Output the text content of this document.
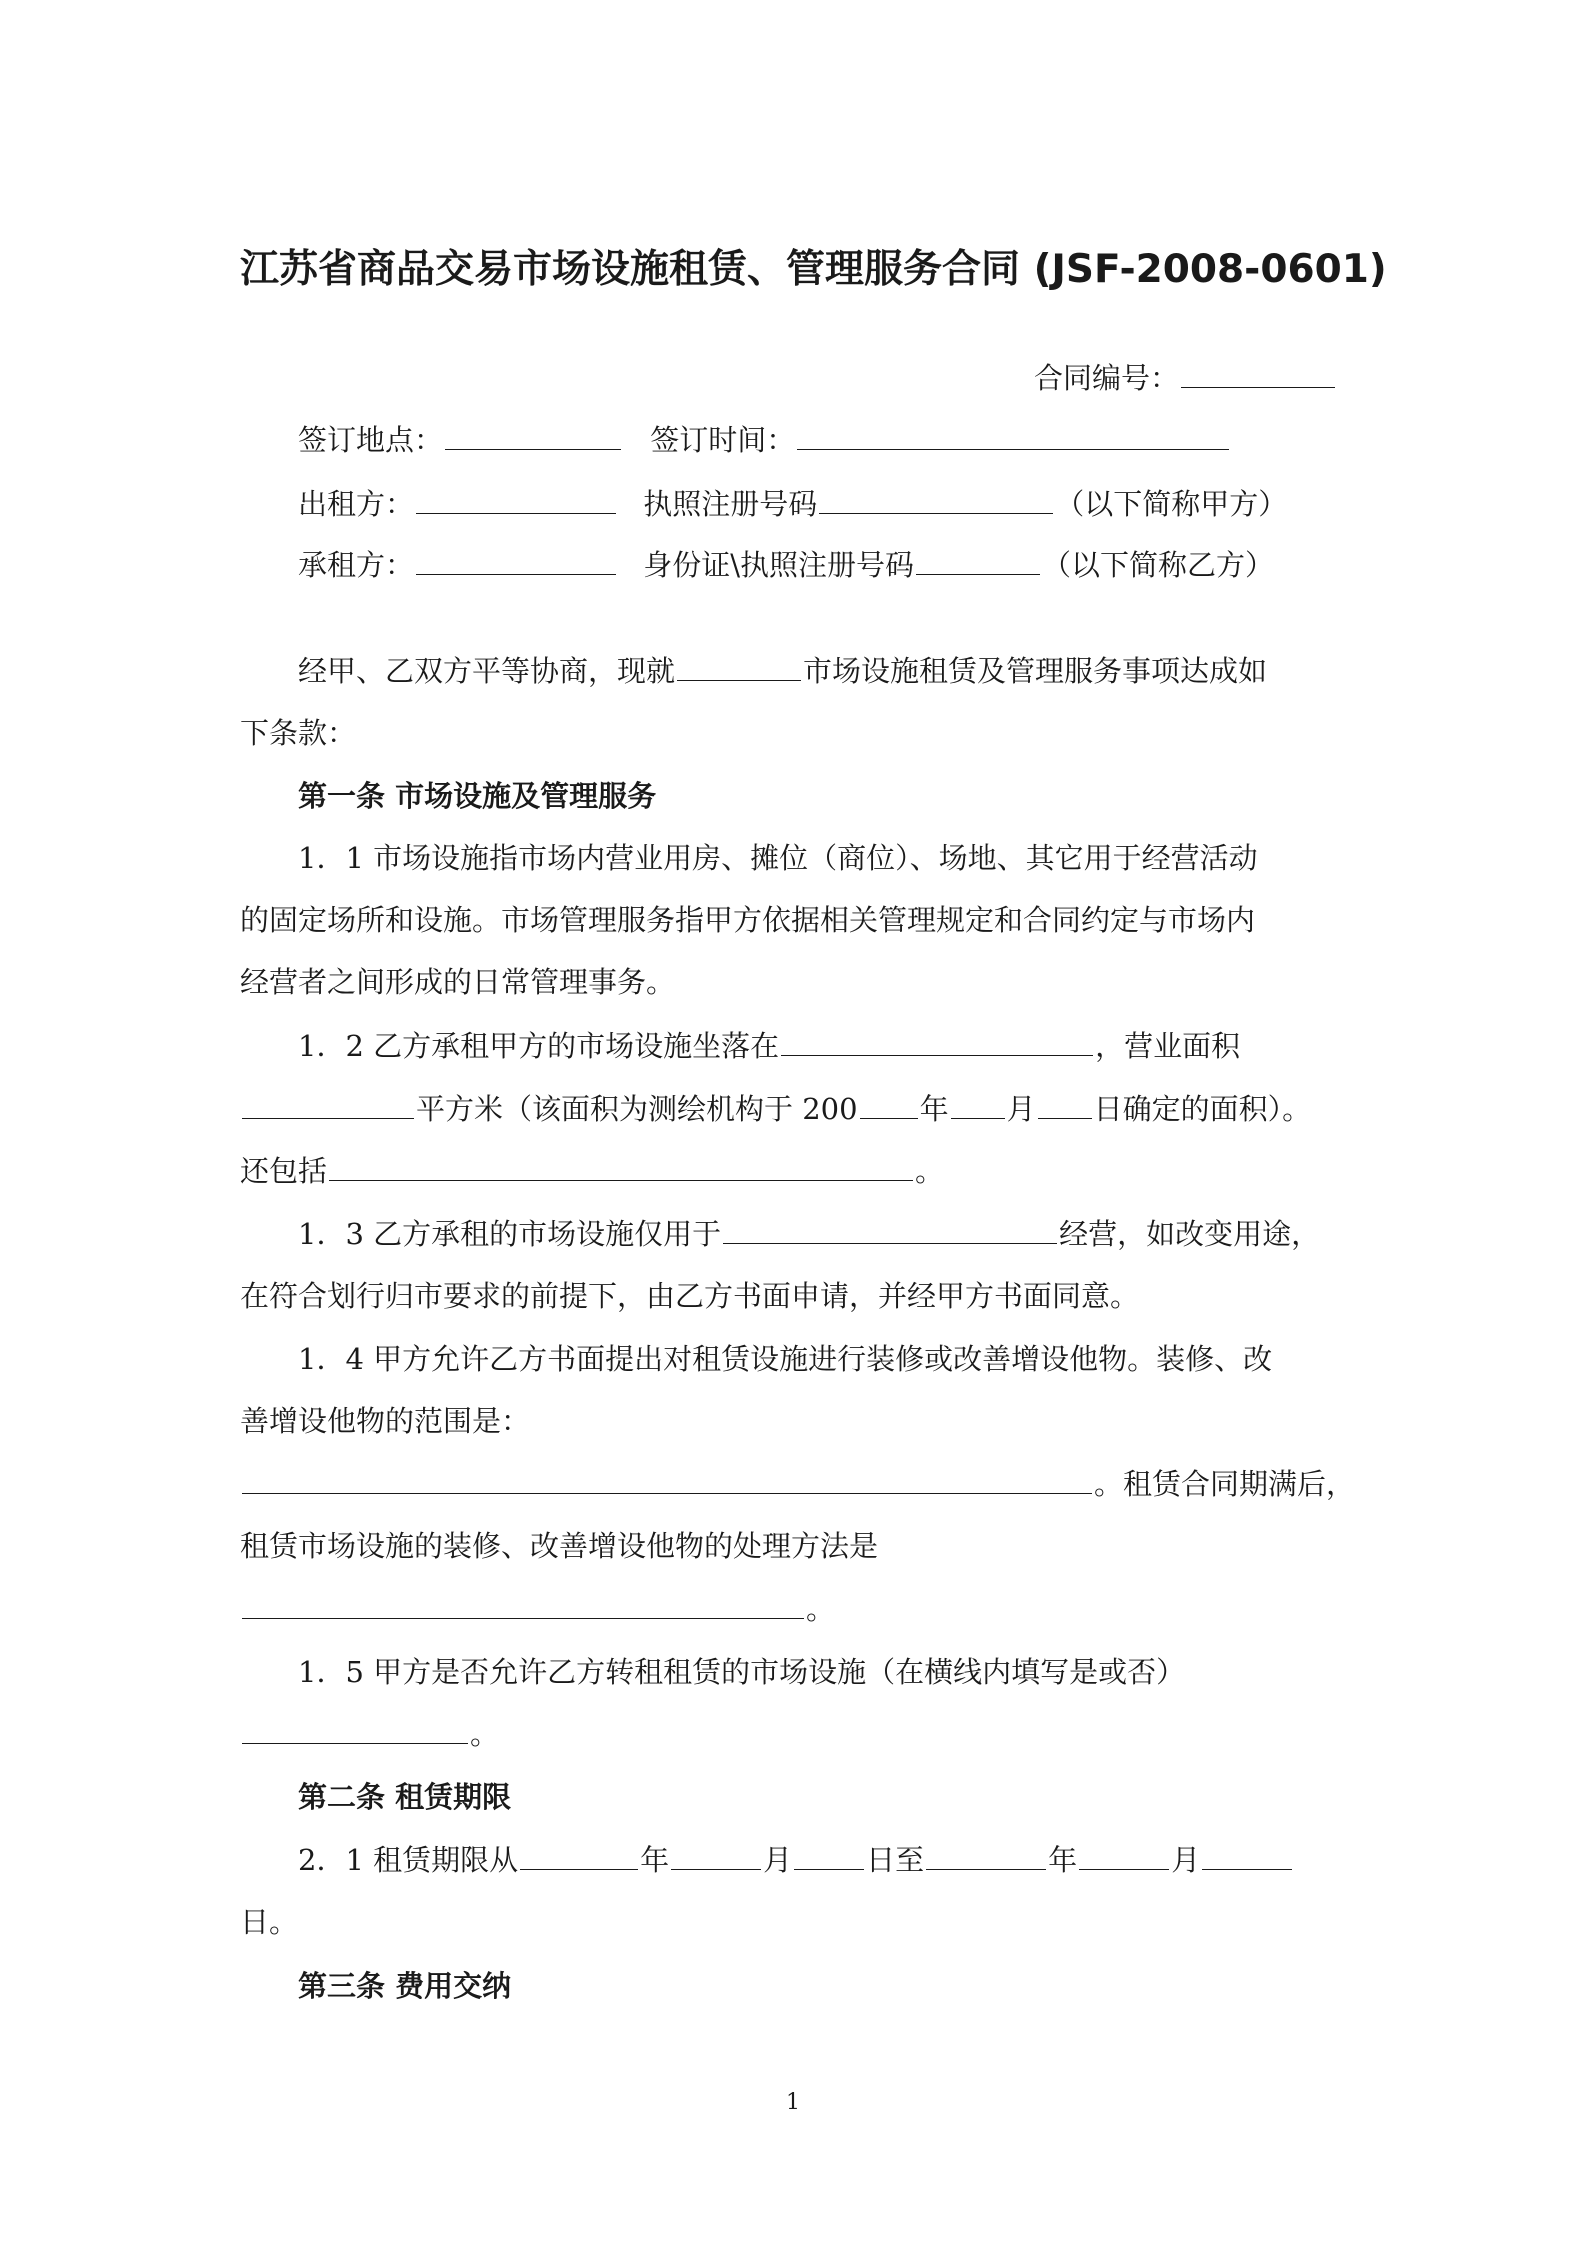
江苏省商品交易市场设施租赁、管理服务合同 (JSF-2008-0601)
合同编号：
签订地点：	签订时间：
出租方：	执照注册号码	（以下简称甲方）
承租方：	身份证\执照注册号码	（以下简称乙方）
经甲、乙双方平等协商，现就	市场设施租赁及管理服务事项达成如
下条款：
第一条 市场设施及管理服务
1．1 市场设施指市场内营业用房、摊位（商位）、场地、其它用于经营活动
的固定场所和设施。市场管理服务指甲方依据相关管理规定和合同约定与市场内
经营者之间形成的日常管理事务。
1．2 乙方承租甲方的市场设施坐落在	，营业面积
平方米（该面积为测绘机构于 200 年 月 日确定的面积）。
还包括	。
1．3 乙方承租的市场设施仅用于	经营，如改变用途，
在符合划行归市要求的前提下，由乙方书面申请，并经甲方书面同意。
1．4 甲方允许乙方书面提出对租赁设施进行装修或改善增设他物。装修、改
善增设他物的范围是：
。租赁合同期满后，
租赁市场设施的装修、改善增设他物的处理方法是
。
1．5 甲方是否允许乙方转租租赁的市场设施（在横线内填写是或否）
。
第二条 租赁期限
2．1 租赁期限从	年	月	日至	年	月
日。
第三条 费用交纳
1
